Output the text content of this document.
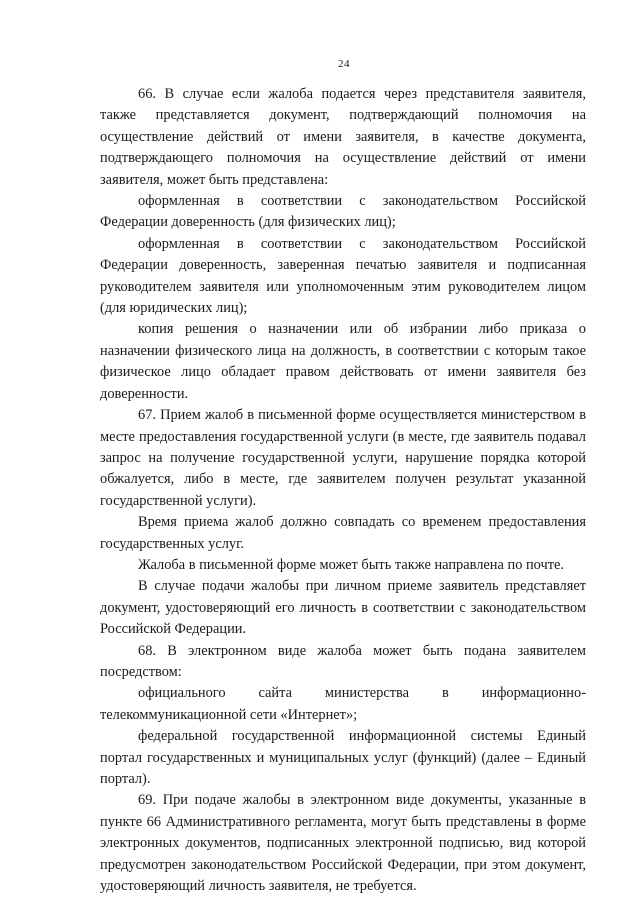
24

66. В случае если жалоба подается через представителя заявителя, также представляется документ, подтверждающий полномочия на осуществление действий от имени заявителя, в качестве документа, подтверждающего полномочия на осуществление действий от имени заявителя, может быть представлена:

оформленная в соответствии с законодательством Российской Федерации доверенность (для физических лиц);

оформленная в соответствии с законодательством Российской Федерации доверенность, заверенная печатью заявителя и подписанная руководителем заявителя или уполномоченным этим руководителем лицом (для юридических лиц);

копия решения о назначении или об избрании либо приказа о назначении физического лица на должность, в соответствии с которым такое физическое лицо обладает правом действовать от имени заявителя без доверенности.

67. Прием жалоб в письменной форме осуществляется министерством в месте предоставления государственной услуги (в месте, где заявитель подавал запрос на получение государственной услуги, нарушение порядка которой обжалуется, либо в месте, где заявителем получен результат указанной государственной услуги).

Время приема жалоб должно совпадать со временем предоставления государственных услуг.

Жалоба в письменной форме может быть также направлена по почте.

В случае подачи жалобы при личном приеме заявитель представляет документ, удостоверяющий его личность в соответствии с законодательством Российской Федерации.

68. В электронном виде жалоба может быть подана заявителем посредством:

официального сайта министерства в информационно-телекоммуникационной сети «Интернет»;

федеральной государственной информационной системы Единый портал государственных и муниципальных услуг (функций) (далее – Единый портал).

69. При подаче жалобы в электронном виде документы, указанные в пункте 66 Административного регламента, могут быть представлены в форме электронных документов, подписанных электронной подписью, вид которой предусмотрен законодательством Российской Федерации, при этом документ, удостоверяющий личность заявителя, не требуется.
